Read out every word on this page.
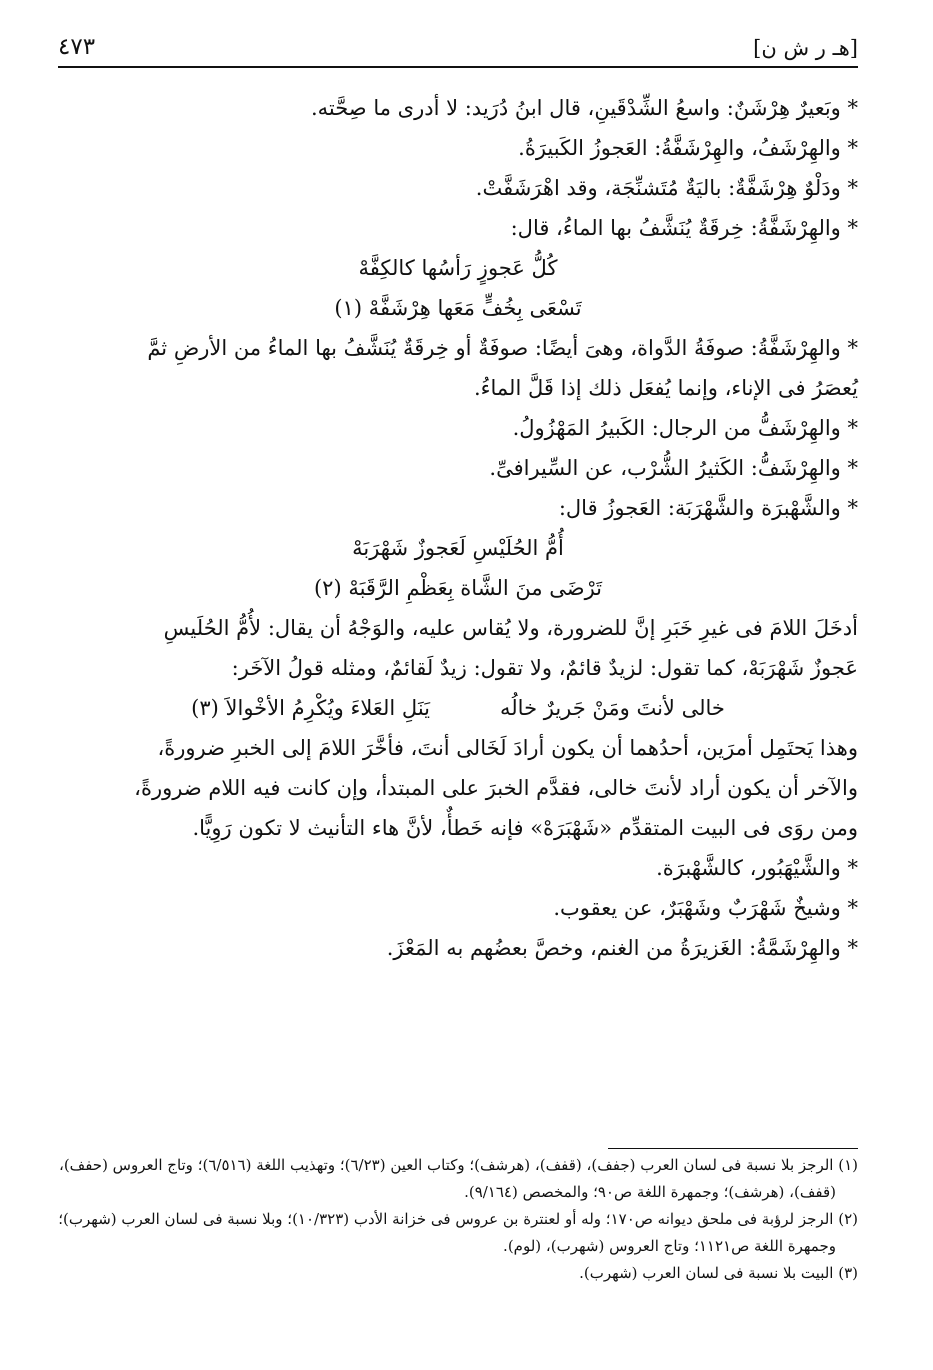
[هـ ر ش ن]
٤٧٣

* وبَعيرٌ هِرْشَنٌ: واسعُ الشِّدْقَينِ، قال ابنُ دُرَيد: لا أدرى ما صِحَّته.

* والهِرْشَفُ، والهِرْشَفَّةُ: العَجوزُ الكَبيرَةُ.

* ودَلْوٌ هِرْشَفَّةٌ: باليَةٌ مُتَشنِّجَة، وقد اهْرَشَفَّتْ.

* والهِرْشَفَّةُ: خِرقَةٌ يُنَشَّفُ بها الماءُ، قال:

كُلُّ عَجوزٍ رَأسُها كالكِفَّهْ

تَسْعَى بِخُفٍّ مَعَها هِرْشَفَّهْ (١)

* والهِرْشَفَّةُ: صوفَةُ الدَّواة، وهىَ أيضًا: صوفَةٌ أو خِرقَةٌ يُنَشَّفُ بها الماءُ من الأرضِ ثمَّ

يُعصَرُ فى الإناء، وإنما يُفعَل ذلك إذا قَلَّ الماءُ.

* والهِرْشَفُّ من الرجال: الكَبيرُ المَهْزُولُ.

* والهِرْشَفُّ: الكَثيرُ الشُّرْب، عن السِّيرافىِّ.

* والشَّهْبرَة والشَّهْرَبَة: العَجوزُ قال:

أُمُّ الحُلَيْسِ لَعَجوزٌ شَهْرَبَهْ

تَرْضَى منَ الشَّاة بِعَظْمِ الرَّقَبَهْ (٢)

أدخَلَ اللامَ فى غيرِ خَبَرِ إنَّ للضرورة، ولا يُقاس عليه، والوَجْهُ أن يقال: لأُمُّ الحُلَيسِ

عَجوزٌ شَهْرَبَهْ، كما تقول: لزيدٌ قائمٌ، ولا تقول: زيدٌ لَقائمٌ، ومثله قولُ الآخَر:

خالى لأنتَ ومَنْ جَريرٌ خالُه
يَنَلِ العَلاءَ ويُكْرِمُ الأخْوالاَ (٣)

وهذا يَحتَمِل أمرَين، أحدُهما أن يكون أرادَ لَخَالى أنتَ، فأخَّرَ اللامَ إلى الخبرِ ضرورةً،

والآخر أن يكون أراد لأنتَ خالى، فقدَّم الخبرَ على المبتدأ، وإن كانت فيه اللام ضرورةً،

ومن روَى فى البيت المتقدِّم «شَهْبَرَهْ» فإنه خَطأٌ، لأنَّ هاء التأنيث لا تكون رَوِيًّا.

* والشَّيْهَبُور، كالشَّهْبرَة.

* وشيخٌ شَهْرَبٌ وشَهْبَرٌ، عن يعقوب.

* والهِرْشَمَّةُ: الغَزيرَةُ من الغنم، وخصَّ بعضُهم به المَعْزَ.

(١) الرجز بلا نسبة فى لسان العرب (جفف)، (قفف)، (هرشف)؛ وكتاب العين (٦/٢٣)؛ وتهذيب اللغة (٦/٥١٦)؛ وتاج العروس (حفف)، (قفف)، (هرشف)؛ وجمهرة اللغة ص٩٠؛ والمخصص (٩/١٦٤).

(٢) الرجز لرؤبة فى ملحق ديوانه ص١٧٠؛ وله أو لعنترة بن عروس فى خزانة الأدب (١٠/٣٢٣)؛ وبلا نسبة فى لسان العرب (شهرب)؛ وجمهرة اللغة ص١١٢١؛ وتاج العروس (شهرب)، (لوم).

(٣) البيت بلا نسبة فى لسان العرب (شهرب).
